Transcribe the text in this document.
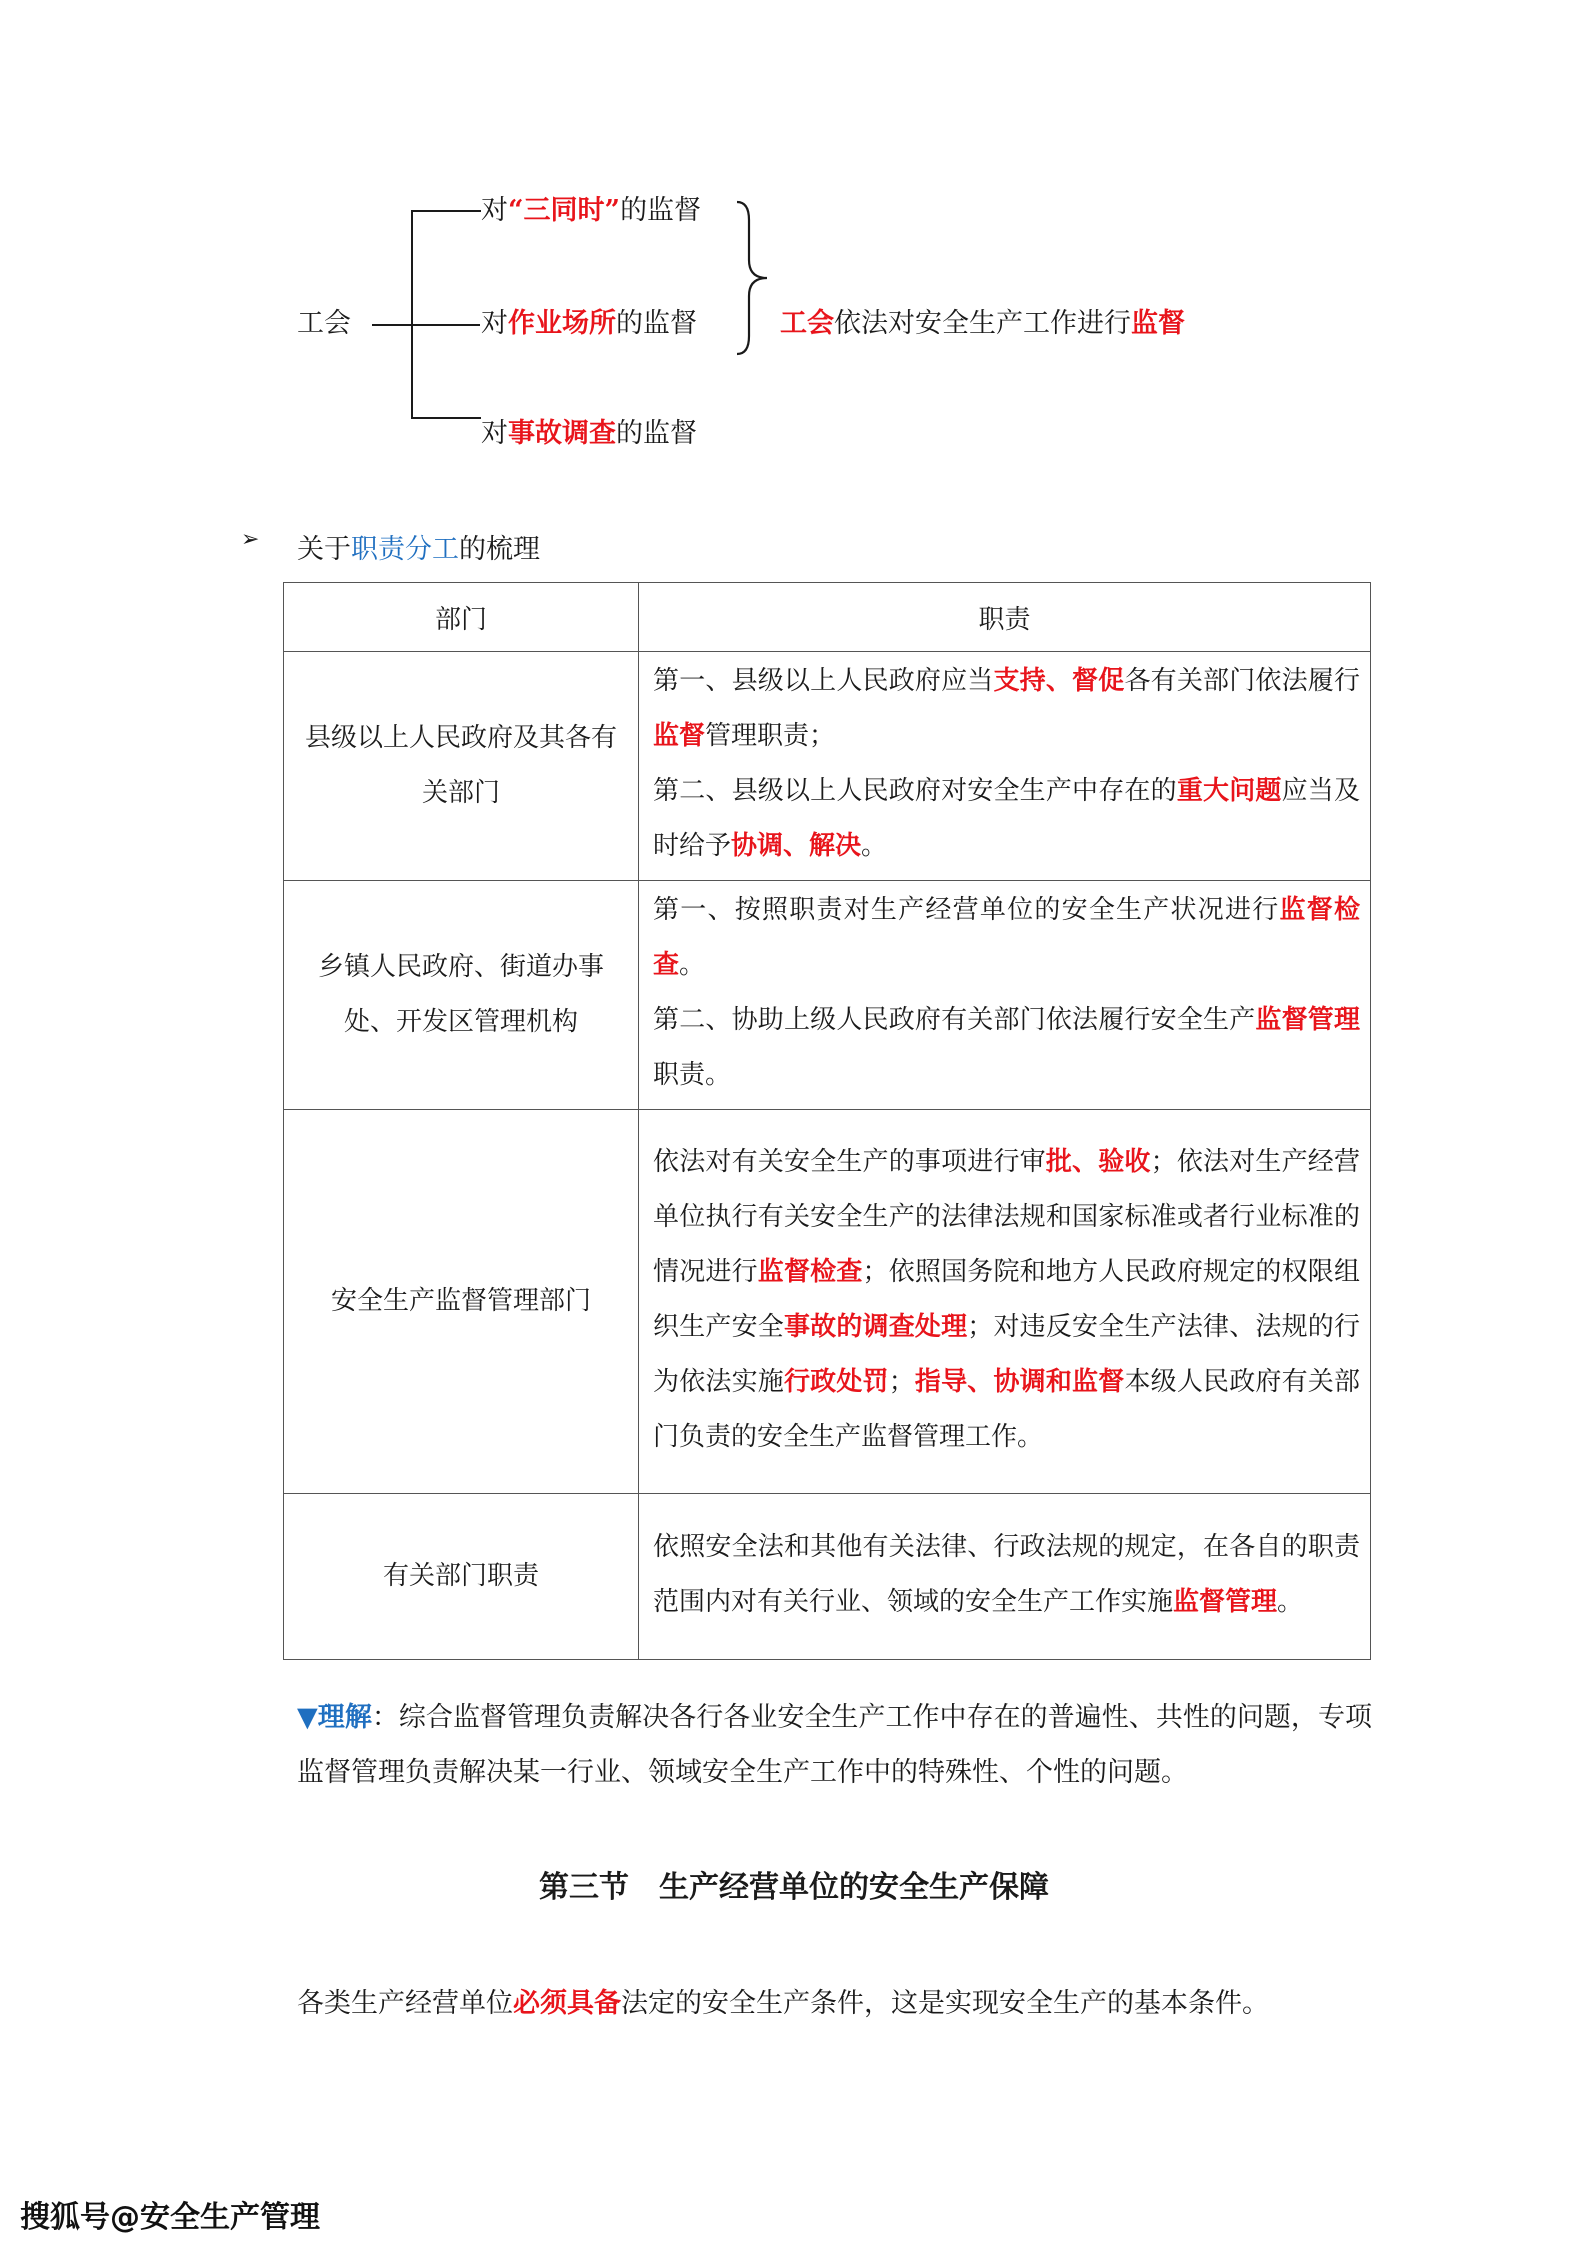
工会
对“三同时”的监督
对作业场所的监督
对事故调查的监督
工会依法对安全生产工作进行监督
➢ 关于职责分工的梳理
部门	职责
县级以上人民政府及其各有关部门	第一、县级以上人民政府应当支持、督促各有关部门依法履行监督管理职责；
第二、县级以上人民政府对安全生产中存在的重大问题应当及时给予协调、解决。

乡镇人民政府、街道办事处、开发区管理机构	第一、按照职责对生产经营单位的安全生产状况进行监督检查。
第二、协助上级人民政府有关部门依法履行安全生产监督管理职责。

安全生产监督管理部门	依法对有关安全生产的事项进行审批、验收；依法对生产经营单位执行有关安全生产的法律法规和国家标准或者行业标准的情况进行监督检查；依照国务院和地方人民政府规定的权限组织生产安全事故的调查处理；对违反安全生产法律、法规的行为依法实施行政处罚；指导、协调和监督本级人民政府有关部门负责的安全生产监督管理工作。

有关部门职责	依照安全法和其他有关法律、行政法规的规定，在各自的职责范围内对有关行业、领域的安全生产工作实施监督管理。
▼理解：综合监督管理负责解决各行各业安全生产工作中存在的普遍性、共性的问题，专项监督管理负责解决某一行业、领域安全生产工作中的特殊性、个性的问题。
第三节　生产经营单位的安全生产保障
各类生产经营单位必须具备法定的安全生产条件，这是实现安全生产的基本条件。
搜狐号@安全生产管理
